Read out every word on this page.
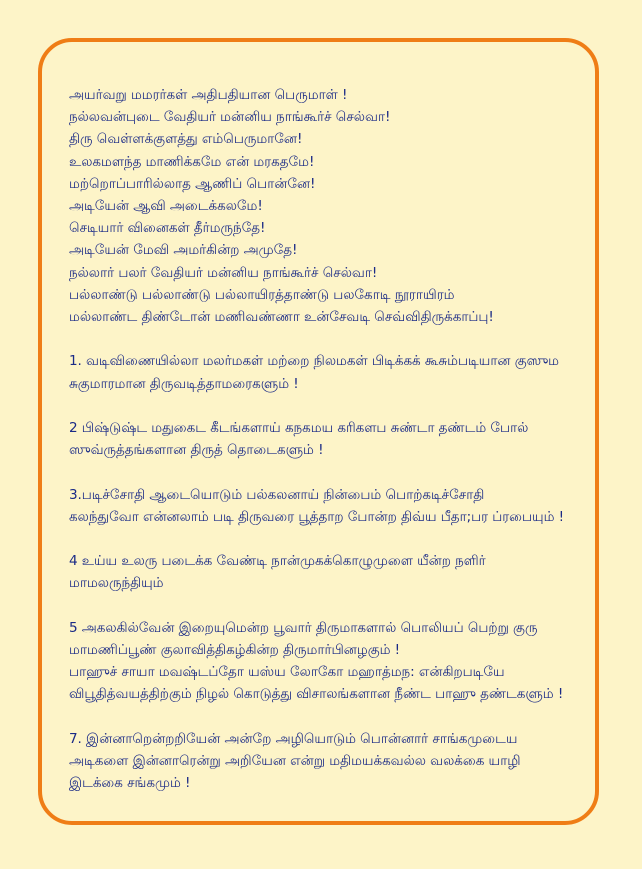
அயர்வறு மமரர்கள் அதிபதியான பெருமாள் !
நல்லவன்புடை வேதியர் மன்னிய நாங்கூர்ச் செல்வா!
திரு வெள்ளக்குளத்து எம்பெருமானே!
உலகமளந்த மாணிக்கமே என் மரகதமே!
மற்றொப்பாரில்லாத ஆணிப் பொன்னே!
அடியேன் ஆவி அடைக்கலமே!
செடியார் வினைகள் தீர்மருந்தே!
அடியேன் மேவி அமர்கின்ற அமுதே!
நல்லார் பலர் வேதியர் மன்னிய நாங்கூர்ச் செல்வா!
பல்லாண்டு பல்லாண்டு பல்லாயிரத்தாண்டு பலகோடி நூராயிரம்
மல்லாண்ட திண்டோன் மணிவண்ணா உன்சேவடி செவ்விதிருக்காப்பு!
1. வடிவிணையில்லா மலர்மகள் மற்றை நிலமகள் பிடிக்கக் கூசும்படியான குஸும
சுகுமாரமான திருவடித்தாமரைகளும் !
2 பிஷ்டுஷ்ட மதுகைட கீடங்களாய் கநகமய கரிகளப சுண்டா தண்டம் போல்
ஸுவ்ருத்தங்களான திருத் தொடைகளும் !
3.படிச்சோதி ஆடையொடும் பல்கலனாய் நின்பைம் பொற்கடிச்சோதி
கலந்துவோ என்னலாம் படி திருவரை பூத்தாற போன்ற திவ்ய பீதா;பர ப்ரபையும் !
4 உய்ய உலரு படைக்க வேண்டி நான்முகக்கொழுமுளை யீன்ற நளிர்
மாமலருந்தியும்
5 அகலகில்வேன் இறையுமென்ற பூவார் திருமாகளால் பொலியப் பெற்று குரு
மாமணிப்பூண் குலாவித்திகழ்கின்ற திருமார்பினழகும் !
பாஹுச் சாயா மவஷ்டப்தோ யஸ்ய லோகோ மஹாத்மந: என்கிறபடியே
விபூதித்வயத்திற்கும் நிழல் கொடுத்து விசாலங்களான நீண்ட பாஹு தண்டகளும் !
7. இன்னாறென்றறியேன் அன்றே அழியொடும் பொன்னார் சாங்கமுடைய
அடிகளை இன்னாரென்று அறியேன என்று மதிமயக்கவல்ல வலக்கை யாழி
இடக்கை சங்கமும் !
